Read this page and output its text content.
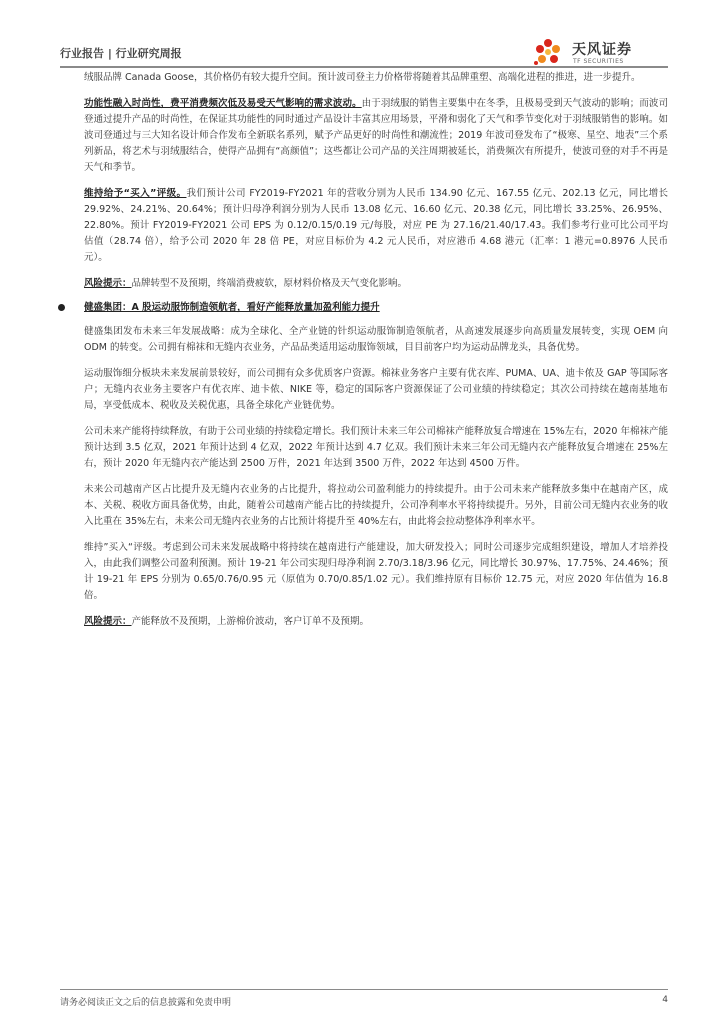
行业报告 | 行业研究周报	天风证券
TF SECURITIES

绒服品牌 Canada Goose，其价格仍有较大提升空间。预计波司登主力价格带将随着其品牌重塑、高端化进程的推进，进一步提升。

功能性融入时尚性，费平消费频次低及易受天气影响的需求波动。由于羽绒服的销售主要集中在冬季，且极易受到天气波动的影响；而波司登通过提升产品的时尚性，在保证其功能性的同时通过产品设计丰富其应用场景，平滑和弱化了天气和季节变化对于羽绒服销售的影响。如波司登通过与三大知名设计师合作发布全新联名系列，赋予产品更好的时尚性和潮流性；2019 年波司登发布了“极寒、星空、地表”三个系列新品，将艺术与羽绒服结合，使得产品拥有“高颜值”；这些都让公司产品的关注周期被延长，消费频次有所提升，使波司登的对手不再是天气和季节。

维持给予“买入”评级。我们预计公司 FY2019-FY2021 年的营收分别为人民币 134.90 亿元、167.55 亿元、202.13 亿元，同比增长 29.92%、24.21%、20.64%；预计归母净利润分别为人民币 13.08 亿元、16.60 亿元、20.38 亿元，同比增长 33.25%、26.95%、22.80%。预计 FY2019-FY2021 公司 EPS 为 0.12/0.15/0.19 元/每股，对应 PE 为 27.16/21.40/17.43。我们参考行业可比公司平均估值（28.74 倍），给予公司 2020 年 28 倍 PE，对应目标价为 4.2 元人民币，对应港币 4.68 港元（汇率：1 港元=0.8976 人民币元）。

风险提示：品牌转型不及预期，终端消费疲软，原材料价格及天气变化影响。

健盛集团：A 股运动服饰制造领航者，看好产能释放量加盈利能力提升

健盛集团发布未来三年发展战略：成为全球化、全产业链的针织运动服饰制造领航者，从高速发展逐步向高质量发展转变，实现 OEM 向 ODM 的转变。公司拥有棉袜和无缝内衣业务，产品品类适用运动服饰领域，目目前客户均为运动品牌龙头，具备优势。

运动服饰细分板块未来发展前景较好，而公司拥有众多优质客户资源。棉袜业务客户主要有优衣库、PUMA、UA、迪卡侬及 GAP 等国际客户；无缝内衣业务主要客户有优衣库、迪卡侬、NIKE 等，稳定的国际客户资源保证了公司业绩的持续稳定；其次公司持续在越南基地布局，享受低成本、税收及关税优惠，具备全球化产业链优势。

公司未来产能将持续释放，有助于公司业绩的持续稳定增长。我们预计未来三年公司棉袜产能释放复合增速在 15%左右，2020 年棉袜产能预计达到 3.5 亿双，2021 年预计达到 4 亿双，2022 年预计达到 4.7 亿双。我们预计未来三年公司无缝内衣产能释放复合增速在 25%左右，预计 2020 年无缝内衣产能达到 2500 万件，2021 年达到 3500 万件，2022 年达到 4500 万件。

未来公司越南产区占比提升及无缝内衣业务的占比提升，将拉动公司盈利能力的持续提升。由于公司未来产能释放多集中在越南产区，成本、关税、税收方面具备优势，由此，随着公司越南产能占比的持续提升，公司净利率水平将持续提升。另外，目前公司无缝内衣业务的收入比重在 35%左右，未来公司无缝内衣业务的占比预计将提升至 40%左右，由此将会拉动整体净利率水平。

维持”买入“评级。考虑到公司未来发展战略中将持续在越南进行产能建设，加大研发投入；同时公司逐步完成组织建设，增加人才培养投入，由此我们调整公司盈利预测。预计 19-21 年公司实现归母净利润 2.70/3.18/3.96 亿元，同比增长 30.97%、17.75%、24.46%；预计 19-21 年 EPS 分别为 0.65/0.76/0.95 元（原值为 0.70/0.85/1.02 元）。我们维持原有目标价 12.75 元，对应 2020 年估值为 16.8 倍。

风险提示：产能释放不及预期，上游棉价波动，客户订单不及预期。

请务必阅读正文之后的信息披露和免责申明	4
